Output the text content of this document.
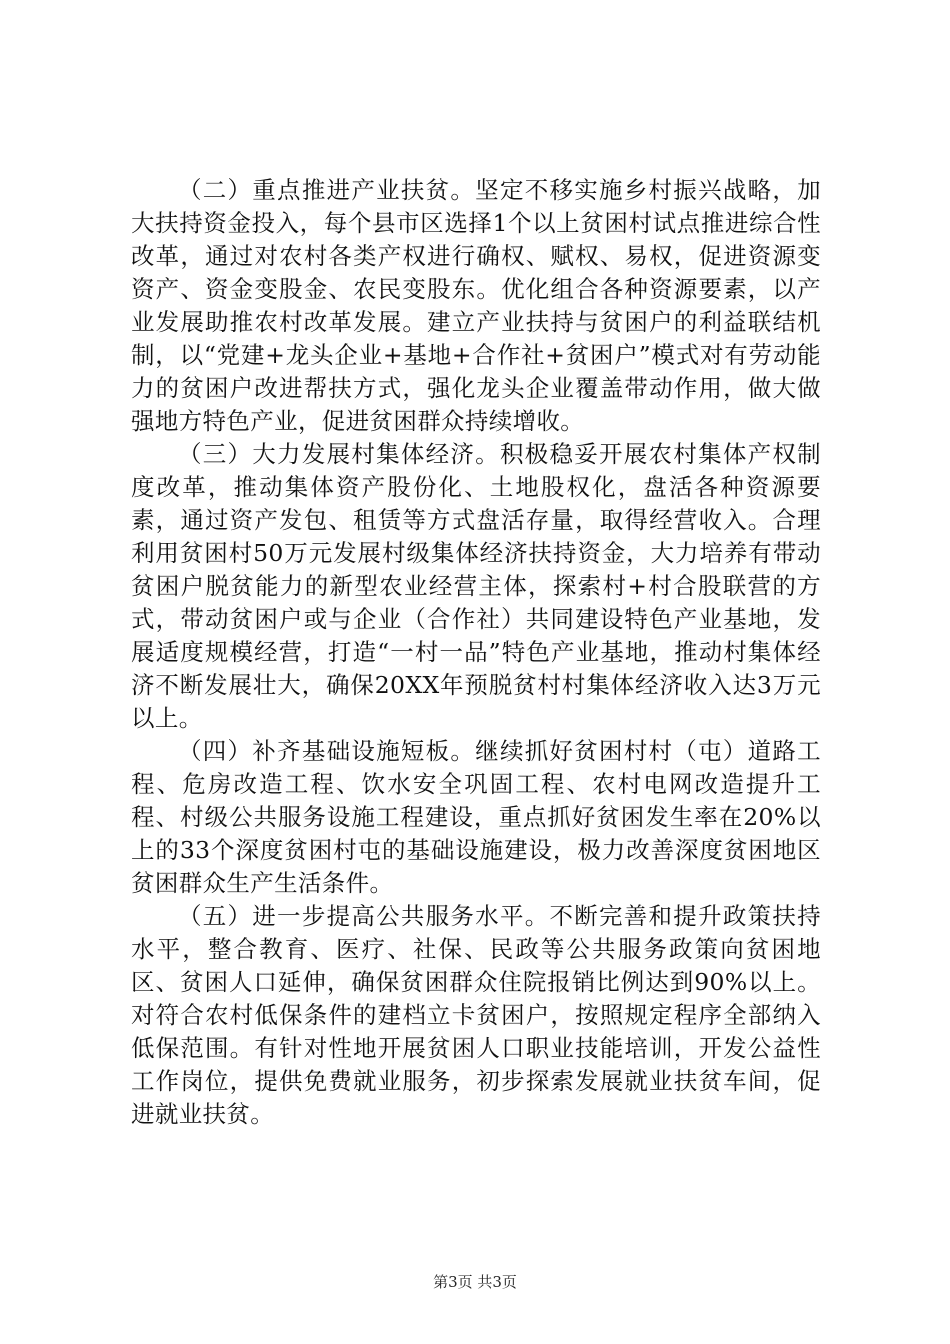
（二）重点推进产业扶贫。坚定不移实施乡村振兴战略，加大扶持资金投入，每个县市区选择1个以上贫困村试点推进综合性改革，通过对农村各类产权进行确权、赋权、易权，促进资源变资产、资金变股金、农民变股东。优化组合各种资源要素，以产业发展助推农村改革发展。建立产业扶持与贫困户的利益联结机制，以“党建+龙头企业+基地+合作社+贫困户”模式对有劳动能力的贫困户改进帮扶方式，强化龙头企业覆盖带动作用，做大做强地方特色产业，促进贫困群众持续增收。

（三）大力发展村集体经济。积极稳妥开展农村集体产权制度改革，推动集体资产股份化、土地股权化，盘活各种资源要素，通过资产发包、租赁等方式盘活存量，取得经营收入。合理利用贫困村50万元发展村级集体经济扶持资金，大力培养有带动贫困户脱贫能力的新型农业经营主体，探索村+村合股联营的方式，带动贫困户或与企业（合作社）共同建设特色产业基地，发展适度规模经营，打造“一村一品”特色产业基地，推动村集体经济不断发展壮大，确保20XX年预脱贫村村集体经济收入达3万元以上。

（四）补齐基础设施短板。继续抓好贫困村村（屯）道路工程、危房改造工程、饮水安全巩固工程、农村电网改造提升工程、村级公共服务设施工程建设，重点抓好贫困发生率在20%以上的33个深度贫困村屯的基础设施建设，极力改善深度贫困地区贫困群众生产生活条件。

（五）进一步提高公共服务水平。不断完善和提升政策扶持水平，整合教育、医疗、社保、民政等公共服务政策向贫困地区、贫困人口延伸，确保贫困群众住院报销比例达到90%以上。对符合农村低保条件的建档立卡贫困户，按照规定程序全部纳入低保范围。有针对性地开展贫困人口职业技能培训，开发公益性工作岗位，提供免费就业服务，初步探索发展就业扶贫车间，促进就业扶贫。

第3页 共3页
